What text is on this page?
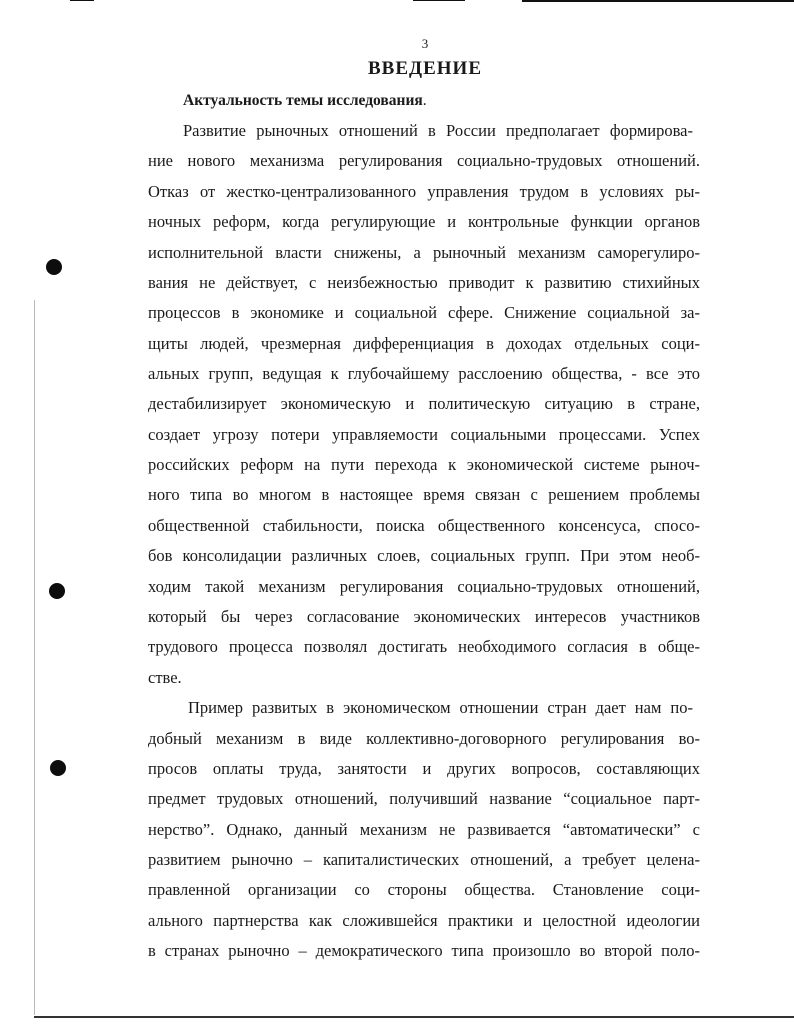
3
ВВЕДЕНИЕ
Актуальность темы исследования.
Развитие рыночных отношений в России предполагает формирова-
ние нового механизма регулирования социально-трудовых отношений.
Отказ от жестко-централизованного управления трудом в условиях ры-
ночных реформ, когда регулирующие и контрольные функции органов
исполнительной власти снижены, а рыночный механизм саморегулиро-
вания не действует, с неизбежностью приводит к развитию стихийных
процессов в экономике и социальной сфере. Снижение социальной за-
щиты людей, чрезмерная дифференциация в доходах отдельных соци-
альных групп, ведущая к глубочайшему расслоению общества, - все это
дестабилизирует экономическую и политическую ситуацию в стране,
создает угрозу потери управляемости социальными процессами. Успех
российских реформ на пути перехода к экономической системе рыноч-
ного типа во многом в настоящее время связан с решением проблемы
общественной стабильности, поиска общественного консенсуса, спосо-
бов консолидации различных слоев, социальных групп. При этом необ-
ходим такой механизм регулирования социально-трудовых отношений,
который бы через согласование экономических интересов участников
трудового процесса позволял достигать необходимого согласия в обще-
стве.
Пример развитых в экономическом отношении стран дает нам по-
добный механизм в виде коллективно-договорного регулирования во-
просов оплаты труда, занятости и других вопросов, составляющих
предмет трудовых отношений, получивший название “социальное парт-
нерство”. Однако, данный механизм не развивается “автоматически” с
развитием рыночно – капиталистических отношений, а требует целена-
правленной организации со стороны общества. Становление соци-
ального партнерства как сложившейся практики и целостной идеологии
в странах рыночно – демократического типа произошло во второй поло-
